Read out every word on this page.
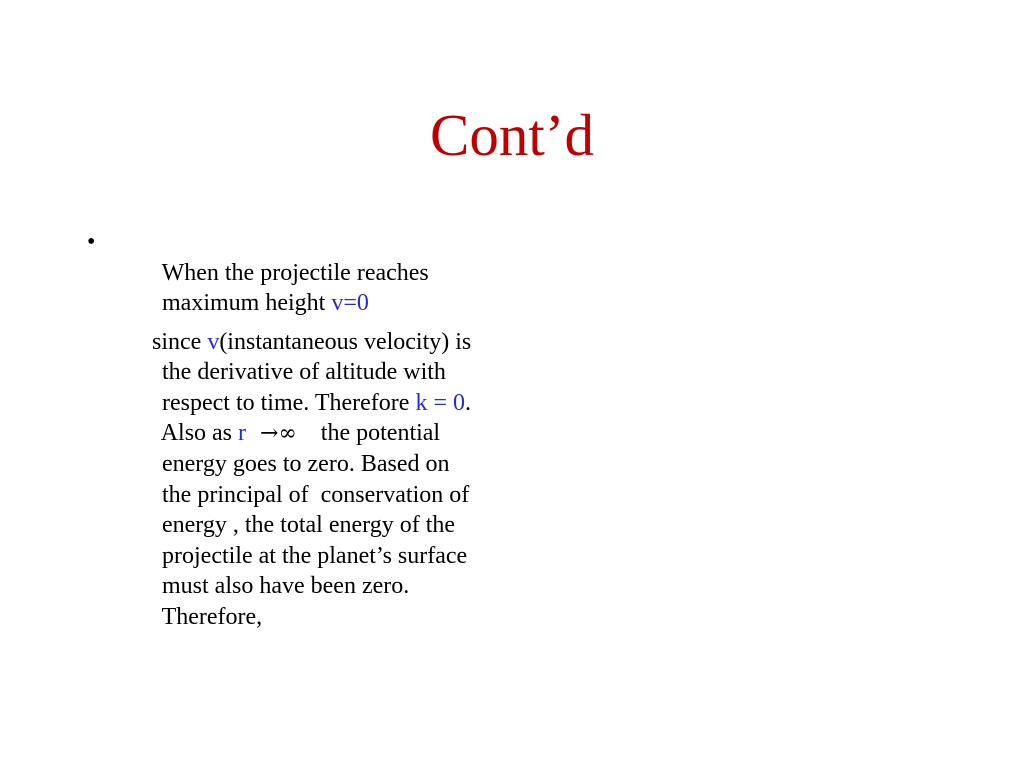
Cont’d
•

When the projectile reaches

maximum height v=0

since v(instantaneous velocity) is

the derivative of altitude with

respect to time. Therefore k = 0.

Also as r →∞ the potential

energy goes to zero. Based on

the principal of  conservation of

energy , the total energy of the

projectile at the planet’s surface

must also have been zero.

Therefore,
